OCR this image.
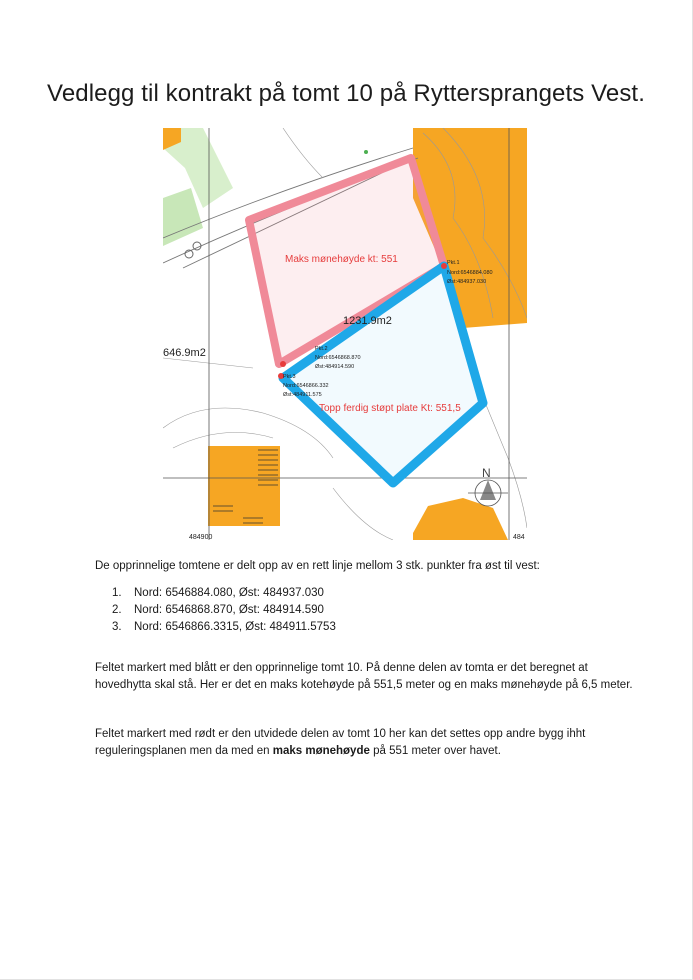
Vedlegg til kontrakt på tomt 10 på Ryttersprangets Vest.
N
646.9m2
1231.9m2
Maks mønehøyde kt: 551
Topp ferdig støpt plate Kt: 551,5
Pkt.1
Nord:6546884.080
Øst:484937.030
Pkt.2
Nord:6546868.870
Øst:484914.590
Pkt.3
Nord:6546866.332
Øst:484911.575
484900	484
De opprinnelige tomtene er delt opp av en rett linje mellom 3 stk. punkter fra øst til vest:
1. Nord: 6546884.080, Øst: 484937.030
2. Nord: 6546868.870, Øst: 484914.590
3. Nord: 6546866.3315, Øst: 484911.5753
Feltet markert med blått er den opprinnelige tomt 10. På denne delen av tomta er det beregnet at hovedhytta skal stå. Her er det en maks kotehøyde på 551,5 meter og en maks mønehøyde på 6,5 meter.
Feltet markert med rødt er den utvidede delen av tomt 10 her kan det settes opp andre bygg ihht reguleringsplanen men da med en maks mønehøyde på 551 meter over havet.
